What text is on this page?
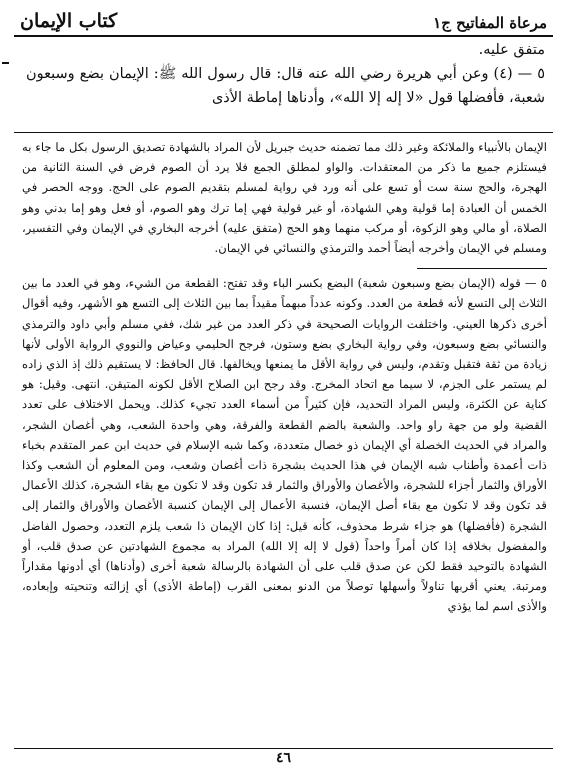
مرعاة المفاتيح ج١
كتاب الإيمان

متفق عليه.

٥ — (٤) وعن أبي هريرة رضي الله عنه قال: قال رسول الله ﷺ: الإيمان بضع وسبعون شعبة، فأفضلها قول «لا إله إلا الله»، وأدناها إماطة الأذى

الإيمان بالأنبياء والملائكة وغير ذلك مما تضمنه حديث جبريل لأن المراد بالشهادة تصديق الرسول بكل ما جاء به فيستلزم جميع ما ذكر من المعتقدات. والواو لمطلق الجمع فلا يرد أن الصوم فرض في السنة الثانية من الهجرة، والحج سنة ست أو تسع على أنه ورد في رواية لمسلم بتقديم الصوم على الحج. ووجه الحصر في الخمس أن العبادة إما قولية وهي الشهادة، أو غير قولية فهي إما ترك وهو الصوم، أو فعل وهو إما بدني وهو الصلاة، أو مالي وهو الزكوة، أو مركب منهما وهو الحج (متفق عليه) أخرجه البخاري في الإيمان وفي التفسير، ومسلم في الإيمان وأخرجه أيضاً أحمد والترمذي والنسائي في الإيمان.

٥ — قوله (الإيمان بضع وسبعون شعبة) البضع بكسر الباء وقد تفتح: القطعة من الشيء، وهو في العدد ما بين الثلاث إلى التسع لأنه قطعة من العدد. وكونه عدداً مبهماً مقيداً بما بين الثلاث إلى التسع هو الأشهر، وفيه أقوال أخرى ذكرها العيني. واختلفت الروايات الصحيحة في ذكر العدد من غير شك، ففي مسلم وأبي داود والترمذي والنسائي بضع وسبعون، وفي رواية البخاري بضع وستون، فرجح الحليمي وعياض والنووي الرواية الأولى لأنها زيادة من ثقة فتقبل وتقدم، وليس في رواية الأقل ما يمنعها ويخالفها. قال الحافظ: لا يستقيم ذلك إذ الذي زاده لم يستمر على الجزم، لا سيما مع اتحاد المخرج. وقد رجح ابن الصلاح الأقل لكونه المتيقن. انتهى. وقيل: هو كناية عن الكثرة، وليس المراد التحديد، فإن كثيراً من أسماء العدد تجيء كذلك. ويحمل الاختلاف على تعدد القضية ولو من جهة راو واحد. والشعبة بالضم القطعة والفرقة، وهي واحدة الشعب، وهي أغصان الشجر، والمراد في الحديث الخصلة أي الإيمان ذو خصال متعددة، وكما شبه الإسلام في حديث ابن عمر المتقدم بخباء ذات أعمدة وأطناب شبه الإيمان في هذا الحديث بشجرة ذات أغصان وشعب، ومن المعلوم أن الشعب وكذا الأوراق والثمار أجزاء للشجرة، والأغصان والأوراق والثمار قد تكون وقد لا تكون مع بقاء الشجرة، كذلك الأعمال قد تكون وقد لا تكون مع بقاء أصل الإيمان، فنسبة الأعمال إلى الإيمان كنسبة الأغصان والأوراق والثمار إلى الشجرة (فأفضلها) هو جزاء شرط محذوف، كأنه قيل: إذا كان الإيمان ذا شعب يلزم التعدد، وحصول الفاضل والمفضول بخلافه إذا كان أمراً واحداً (قول لا إله إلا الله) المراد به مجموع الشهادتين عن صدق قلب، أو الشهادة بالتوحيد فقط لكن عن صدق قلب على أن الشهادة بالرسالة شعبة أخرى (وأدناها) أي أدونها مقداراً ومرتبة. يعني أقربها تناولاً وأسهلها توصلاً من الدنو بمعنى القرب (إماطة الأذى) أي إزالته وتنحيته وإبعاده، والأذى اسم لما يؤذي

٤٦
